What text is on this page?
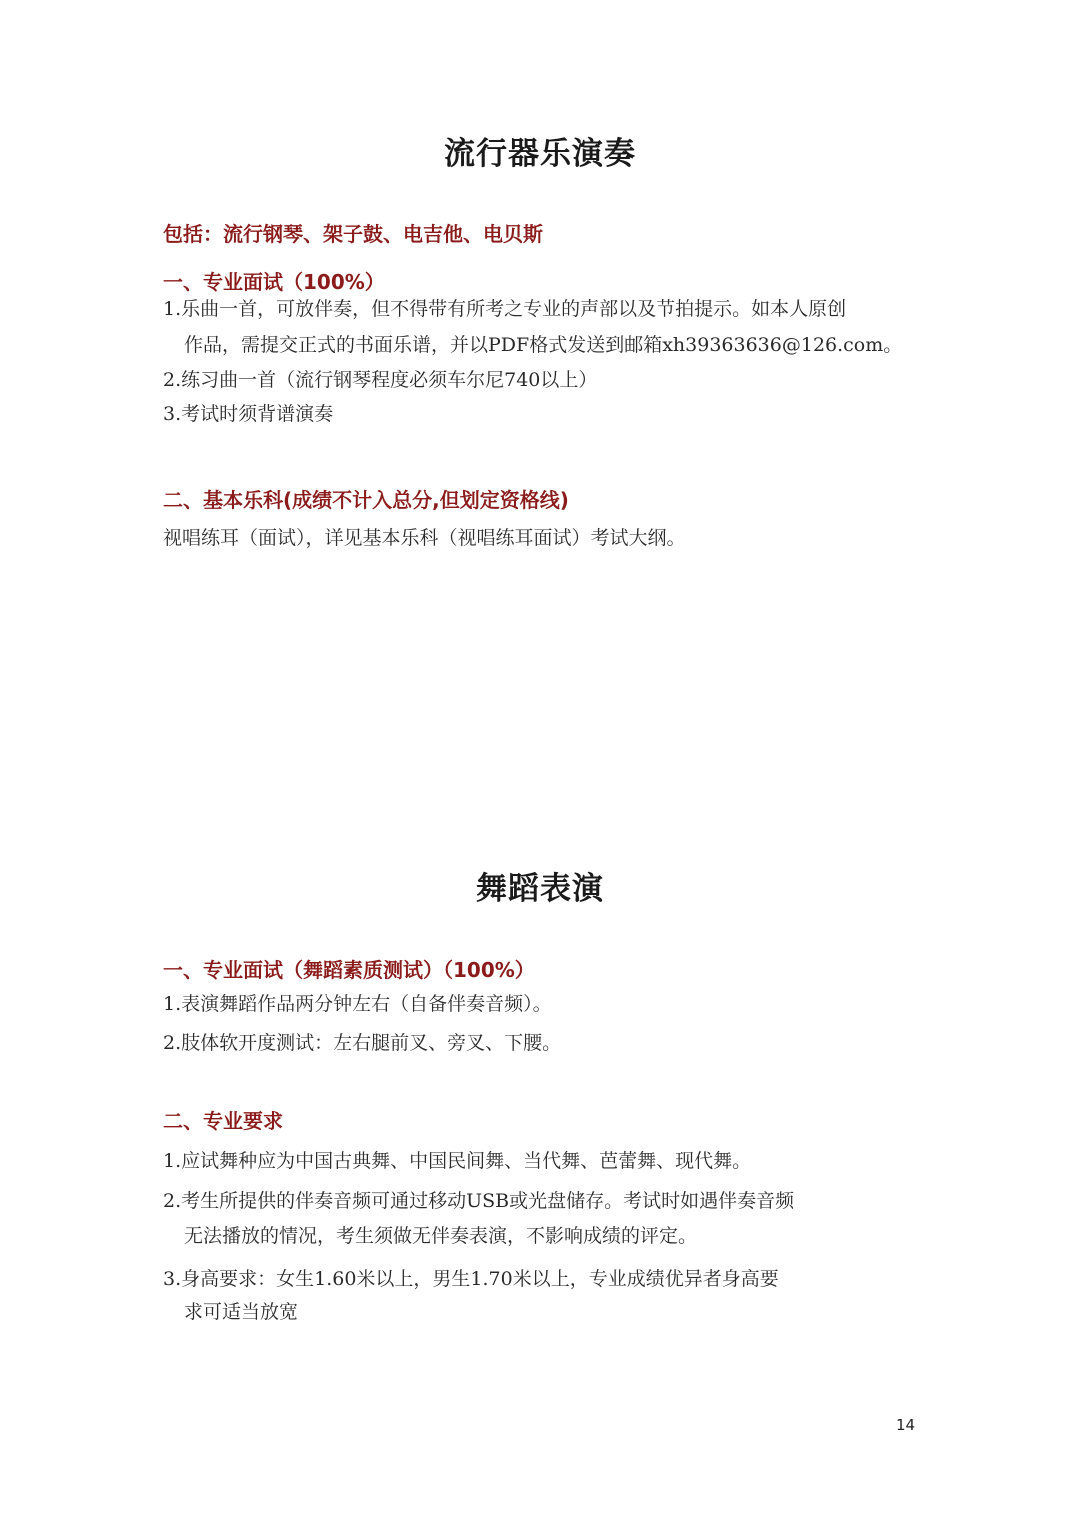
流行器乐演奏
包括：流行钢琴、架子鼓、电吉他、电贝斯
一、专业面试（100%）
1.乐曲一首，可放伴奏，但不得带有所考之专业的声部以及节拍提示。如本人原创
作品，需提交正式的书面乐谱，并以PDF格式发送到邮箱xh39363636@126.com。
2.练习曲一首（流行钢琴程度必须车尔尼740以上）
3.考试时须背谱演奏
二、基本乐科(成绩不计入总分,但划定资格线)
视唱练耳（面试），详见基本乐科（视唱练耳面试）考试大纲。
舞蹈表演
一、专业面试（舞蹈素质测试）（100%）
1.表演舞蹈作品两分钟左右（自备伴奏音频）。
2.肢体软开度测试：左右腿前叉、旁叉、下腰。
二、专业要求
1.应试舞种应为中国古典舞、中国民间舞、当代舞、芭蕾舞、现代舞。
2.考生所提供的伴奏音频可通过移动USB或光盘储存。考试时如遇伴奏音频
无法播放的情况，考生须做无伴奏表演，不影响成绩的评定。
3.身高要求：女生1.60米以上，男生1.70米以上，专业成绩优异者身高要
求可适当放宽
14
